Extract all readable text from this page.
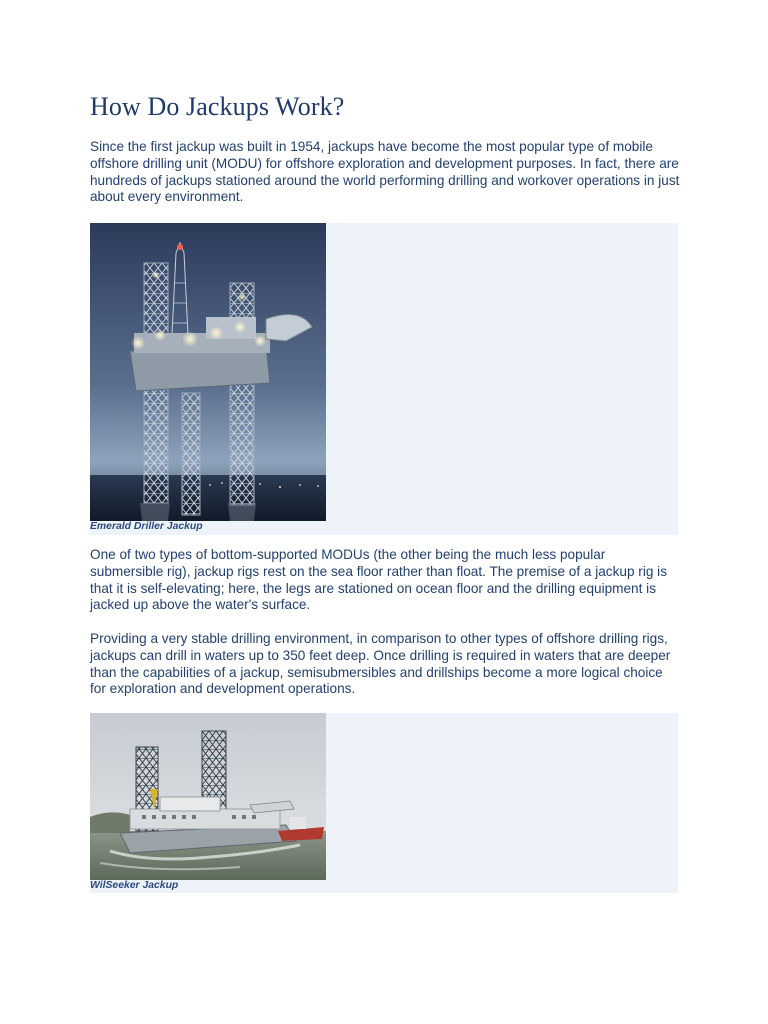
How Do Jackups Work?

Since the first jackup was built in 1954, jackups have become the most popular type of mobile offshore drilling unit (MODU) for offshore exploration and development purposes. In fact, there are hundreds of jackups stationed around the world performing drilling and workover operations in just about every environment.

Emerald Driller Jackup

One of two types of bottom-supported MODUs (the other being the much less popular submersible rig), jackup rigs rest on the sea floor rather than float. The premise of a jackup rig is that it is self-elevating; here, the legs are stationed on ocean floor and the drilling equipment is jacked up above the water's surface.

Providing a very stable drilling environment, in comparison to other types of offshore drilling rigs, jackups can drill in waters up to 350 feet deep. Once drilling is required in waters that are deeper than the capabilities of a jackup, semisubmersibles and drillships become a more logical choice for exploration and development operations.

WilSeeker Jackup
